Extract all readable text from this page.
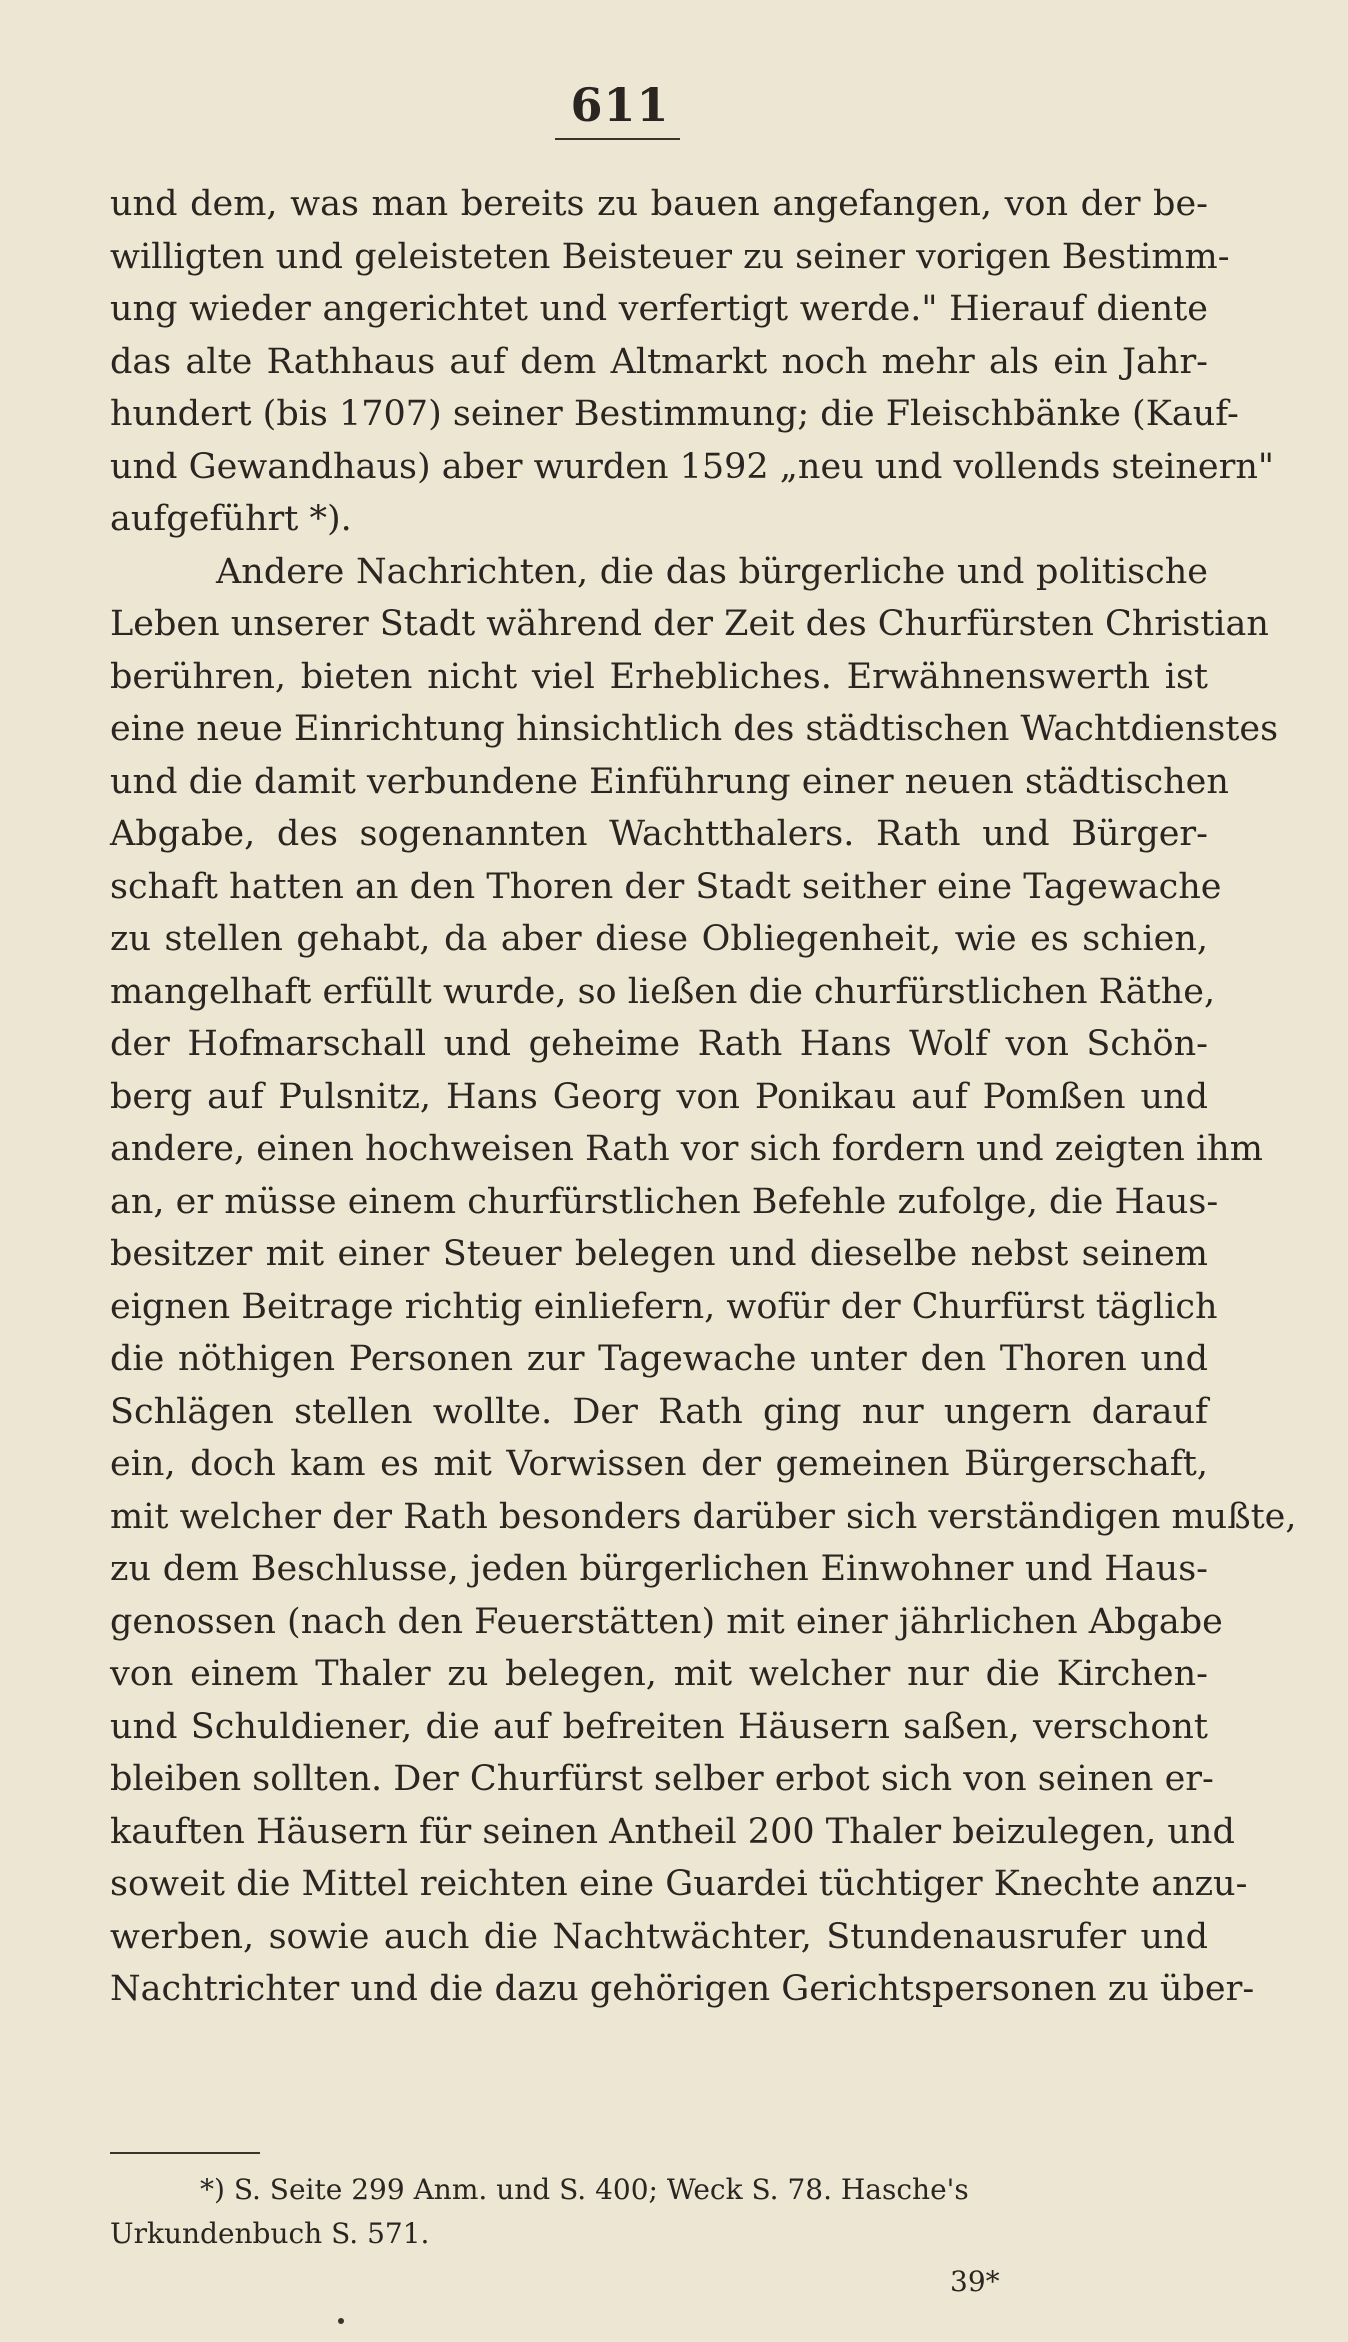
611
und dem, was man bereits zu bauen angefangen, von der be-
willigten und geleisteten Beisteuer zu seiner vorigen Bestimm-
ung wieder angerichtet und verfertigt werde." Hierauf diente
das alte Rathhaus auf dem Altmarkt noch mehr als ein Jahr-
hundert (bis 1707) seiner Bestimmung; die Fleischbänke (Kauf-
und Gewandhaus) aber wurden 1592 „neu und vollends steinern"
aufgeführt *).
Andere Nachrichten, die das bürgerliche und politische
Leben unserer Stadt während der Zeit des Churfürsten Christian
berühren, bieten nicht viel Erhebliches. Erwähnenswerth ist
eine neue Einrichtung hinsichtlich des städtischen Wachtdienstes
und die damit verbundene Einführung einer neuen städtischen
Abgabe, des sogenannten Wachtthalers. Rath und Bürger-
schaft hatten an den Thoren der Stadt seither eine Tagewache
zu stellen gehabt, da aber diese Obliegenheit, wie es schien,
mangelhaft erfüllt wurde, so ließen die churfürstlichen Räthe,
der Hofmarschall und geheime Rath Hans Wolf von Schön-
berg auf Pulsnitz, Hans Georg von Ponikau auf Pomßen und
andere, einen hochweisen Rath vor sich fordern und zeigten ihm
an, er müsse einem churfürstlichen Befehle zufolge, die Haus-
besitzer mit einer Steuer belegen und dieselbe nebst seinem
eignen Beitrage richtig einliefern, wofür der Churfürst täglich
die nöthigen Personen zur Tagewache unter den Thoren und
Schlägen stellen wollte. Der Rath ging nur ungern darauf
ein, doch kam es mit Vorwissen der gemeinen Bürgerschaft,
mit welcher der Rath besonders darüber sich verständigen mußte,
zu dem Beschlusse, jeden bürgerlichen Einwohner und Haus-
genossen (nach den Feuerstätten) mit einer jährlichen Abgabe
von einem Thaler zu belegen, mit welcher nur die Kirchen-
und Schuldiener, die auf befreiten Häusern saßen, verschont
bleiben sollten. Der Churfürst selber erbot sich von seinen er-
kauften Häusern für seinen Antheil 200 Thaler beizulegen, und
soweit die Mittel reichten eine Guardei tüchtiger Knechte anzu-
werben, sowie auch die Nachtwächter, Stundenausrufer und
Nachtrichter und die dazu gehörigen Gerichtspersonen zu über-
*) S. Seite 299 Anm. und S. 400; Weck S. 78. Hasche's
Urkundenbuch S. 571.
39*
